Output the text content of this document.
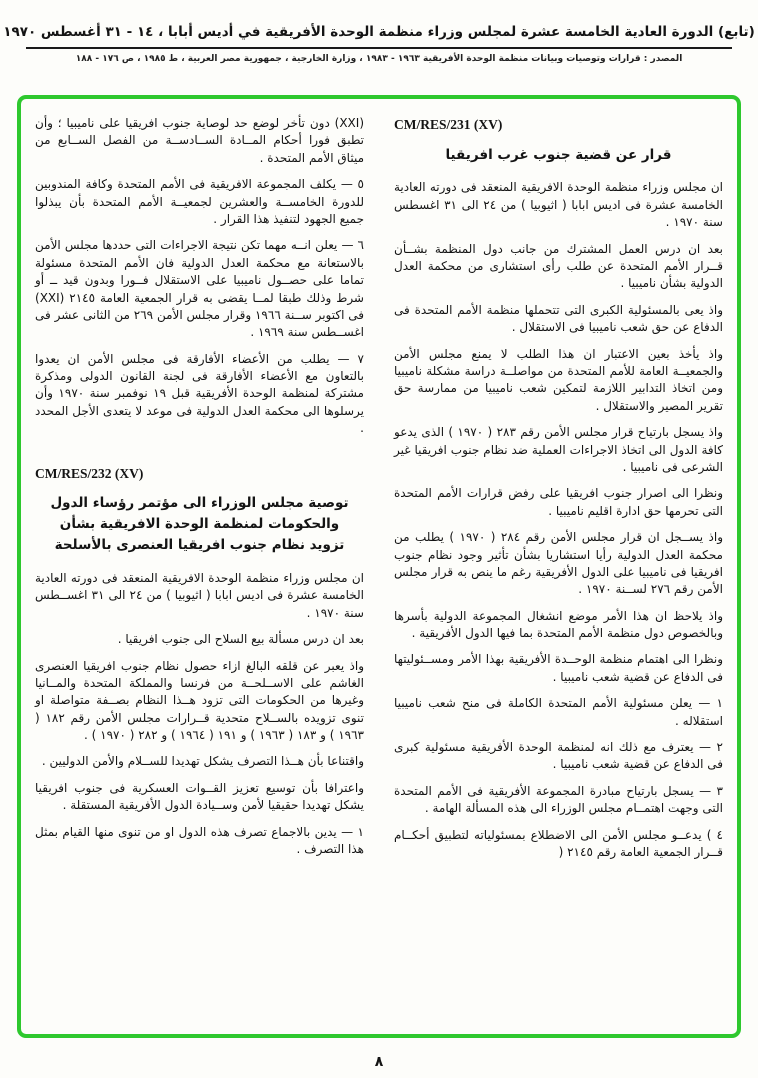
(تابع) الدورة العادية الخامسة عشرة لمجلس وزراء منظمة الوحدة الأفريقية في أديس أبابا ، ١٤ - ٣١ أغسطس ١٩٧٠
المصدر : قرارات وتوصيات وبيانات منظمة الوحدة الأفريقية ١٩٦٣ - ١٩٨٣ ، وزارة الخارجية ، جمهورية مصر العربية ، ط ١٩٨٥ ، ص ١٧٦ - ١٨٨
CM/RES/231 (XV)
قرار عن قضية جنوب غرب افريقيا

ان مجلس وزراء منظمة الوحدة الافريقية المنعقد فى دورته العادية الخامسة عشرة فى اديس ابابا ( اثيوبيا ) من ٢٤ الى ٣١ اغسطس سنة ١٩٧٠ .

بعد ان درس العمل المشترك من جانب دول المنظمة بشــأن قــرار الأمم المتحدة عن طلب رأى استشارى من محكمة العدل الدولية بشأن ناميبيا .

واذ يعى بالمسئولية الكبرى التى تتحملها منظمة الأمم المتحدة فى الدفاع عن حق شعب ناميبيا فى الاستقلال .

واذ يأخذ بعين الاعتبار ان هذا الطلب لا يمنع مجلس الأمن والجمعيــة العامة للأمم المتحدة من مواصلــة دراسة مشكلة ناميبيا ومن اتخاذ التدابير اللازمة لتمكين شعب ناميبيا من ممارسة حق تقرير المصير والاستقلال .

واذ يسجل بارتياح قرار مجلس الأمن رقم ٢٨٣ ( ١٩٧٠ ) الذى يدعو كافة الدول الى اتخاذ الاجراءات العملية ضد نظام جنوب افريقيا غير الشرعى فى ناميبيا .

ونظرا الى اصرار جنوب افريقيا على رفض قرارات الأمم المتحدة التى تحرمها حق ادارة اقليم ناميبيا .

واذ يســجل ان قرار مجلس الأمن رقم ٢٨٤ ( ١٩٧٠ ) يطلب من محكمة العدل الدولية رأيا استشاريا بشأن تأثير وجود نظام جنوب افريقيا فى ناميبيا على الدول الأفريقية رغم ما ينص به قرار مجلس الأمن رقم ٢٧٦ لســنة ١٩٧٠ .

واذ يلاحظ ان هذا الأمر موضع انشغال المجموعة الدولية بأسرها وبالخصوص دول منظمة الأمم المتحدة بما فيها الدول الأفريقية .

ونظرا الى اهتمام منظمة الوحــدة الأفريقية بهذا الأمر ومســئوليتها فى الدفاع عن قضية شعب ناميبيا .

١ — يعلن مسئولية الأمم المتحدة الكاملة فى منح شعب ناميبيا استقلاله .

٢ — يعترف مع ذلك انه لمنظمة الوحدة الأفريقية مسئولية كبرى فى الدفاع عن قضية شعب ناميبيا .

٣ — يسجل بارتياح مبادرة المجموعة الأفريقية فى الأمم المتحدة التى وجهت اهتمــام مجلس الوزراء الى هذه المسألة الهامة .

٤ ) يدعــو مجلس الأمن الى الاضطلاع بمسئولياته لتطبيق أحكــام قــرار الجمعية العامة رقم ٢١٤٥ (

(XXI) دون تأخر لوضع حد لوصاية جنوب افريقيا على ناميبيا ؛ وأن تطبق فورا أحكام المــادة الســادســة من الفصل الســابع من ميثاق الأمم المتحدة .

٥ — يكلف المجموعة الافريقية فى الأمم المتحدة وكافة المندوبين للدورة الخامســة والعشرين لجمعيــة الأمم المتحدة بأن يبذلوا جميع الجهود لتنفيذ هذا القرار .

٦ — يعلن انــه مهما تكن نتيجة الاجراءات التى حددها مجلس الأمن بالاستعانة مع محكمة العدل الدولية فان الأمم المتحدة مسئولة تماما على حصــول ناميبيا على الاستقلال فــورا وبدون قيد ــ أو شرط وذلك طبقا لمــا يقضى به قرار الجمعية العامة ٢١٤٥ (XXI) فى اكتوبر ســنة ١٩٦٦ وقرار مجلس الأمن ٢٦٩ من الثانى عشر فى اغســطس سنة ١٩٦٩ .

٧ — يطلب من الأعضاء الأفارقة فى مجلس الأمن ان يعدوا بالتعاون مع الأعضاء الأفارقة فى لجنة القانون الدولى ومذكرة مشتركة لمنظمة الوحدة الأفريقية قبل ١٩ نوفمبر سنة ١٩٧٠ وأن يرسلوها الى محكمة العدل الدولية فى موعد لا يتعدى الأجل المحدد .

CM/RES/232 (XV)
توصية مجلس الوزراء الى مؤتمر رؤساء الدول والحكومات لمنظمة الوحدة الافريقية بشأن تزويد نظام جنوب افريقيا العنصرى بالأسلحة

ان مجلس وزراء منظمة الوحدة الافريقية المنعقد فى دورته العادية الخامسة عشرة فى اديس ابابا ( اثيوبيا ) من ٢٤ الى ٣١ اغســطس سنة ١٩٧٠ .

بعد ان درس مسألة بيع السلاح الى جنوب افريقيا .

واذ يعبر عن قلقه البالغ ازاء حصول نظام جنوب افريقيا العنصرى الغاشم على الاســلحــة من فرنسا والمملكة المتحدة والمــانيا وغيرها من الحكومات التى تزود هــذا النظام بصــفة متواصلة او تنوى تزويده بالســلاح متحدية قــرارات مجلس الأمن رقم ١٨٢ ( ١٩٦٣ ) و ١٨٣ ( ١٩٦٣ ) و ١٩١ ( ١٩٦٤ ) و ٢٨٢ ( ١٩٧٠ ) .

واقتناعا بأن هــذا التصرف يشكل تهديدا للســلام والأمن الدوليين .

واعترافا بأن توسيع تعزيز القــوات العسكرية فى جنوب افريقيا يشكل تهديدا حقيقيا لأمن وســيادة الدول الأفريقية المستقلة .

١ — يدين بالاجماع تصرف هذه الدول او من تنوى منها القيام بمثل هذا التصرف .

٨
